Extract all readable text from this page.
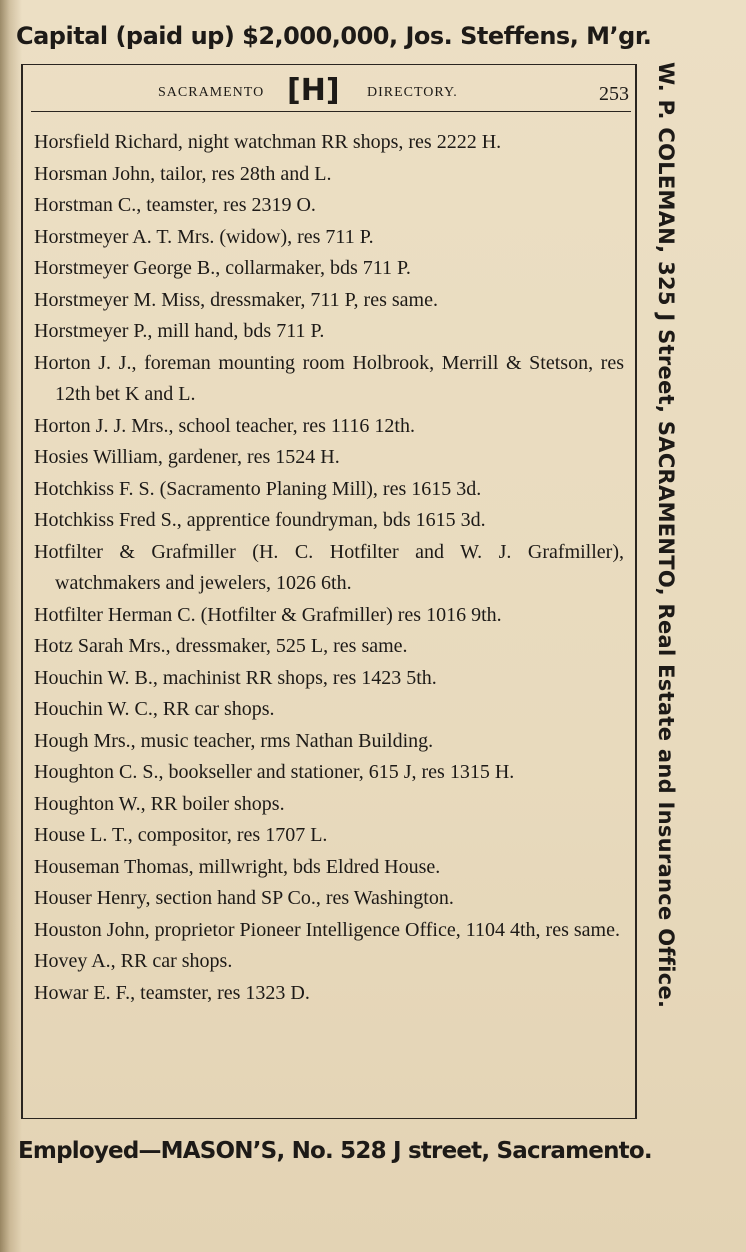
Capital (paid up) $2,000,000, Jos. Steffens, M’gr.
SACRAMENTO [H] DIRECTORY.	253
Horsfield Richard, night watchman RR shops, res 2222 H.
Horsman John, tailor, res 28th and L.
Horstman C., teamster, res 2319 O.
Horstmeyer A. T. Mrs. (widow), res 711 P.
Horstmeyer George B., collarmaker, bds 711 P.
Horstmeyer M. Miss, dressmaker, 711 P, res same.
Horstmeyer P., mill hand, bds 711 P.
Horton J. J., foreman mounting room Holbrook, Merrill & Stetson, res 12th bet K and L.
Horton J. J. Mrs., school teacher, res 1116 12th.
Hosies William, gardener, res 1524 H.
Hotchkiss F. S. (Sacramento Planing Mill), res 1615 3d.
Hotchkiss Fred S., apprentice foundryman, bds 1615 3d.
Hotfilter & Grafmiller (H. C. Hotfilter and W. J. Grafmiller), watchmakers and jewelers, 1026 6th.
Hotfilter Herman C. (Hotfilter & Grafmiller) res 1016 9th.
Hotz Sarah Mrs., dressmaker, 525 L, res same.
Houchin W. B., machinist RR shops, res 1423 5th.
Houchin W. C., RR car shops.
Hough Mrs., music teacher, rms Nathan Building.
Houghton C. S., bookseller and stationer, 615 J, res 1315 H.
Houghton W., RR boiler shops.
House L. T., compositor, res 1707 L.
Houseman Thomas, millwright, bds Eldred House.
Houser Henry, section hand SP Co., res Washington.
Houston John, proprietor Pioneer Intelligence Office, 1104 4th, res same.
Hovey A., RR car shops.
Howar E. F., teamster, res 1323 D.	W. P. COLEMAN, 325 J Street, SACRAMENTO, Real Estate and Insurance Office.
Employed—MASON’S, No. 528 J street, Sacramento.
